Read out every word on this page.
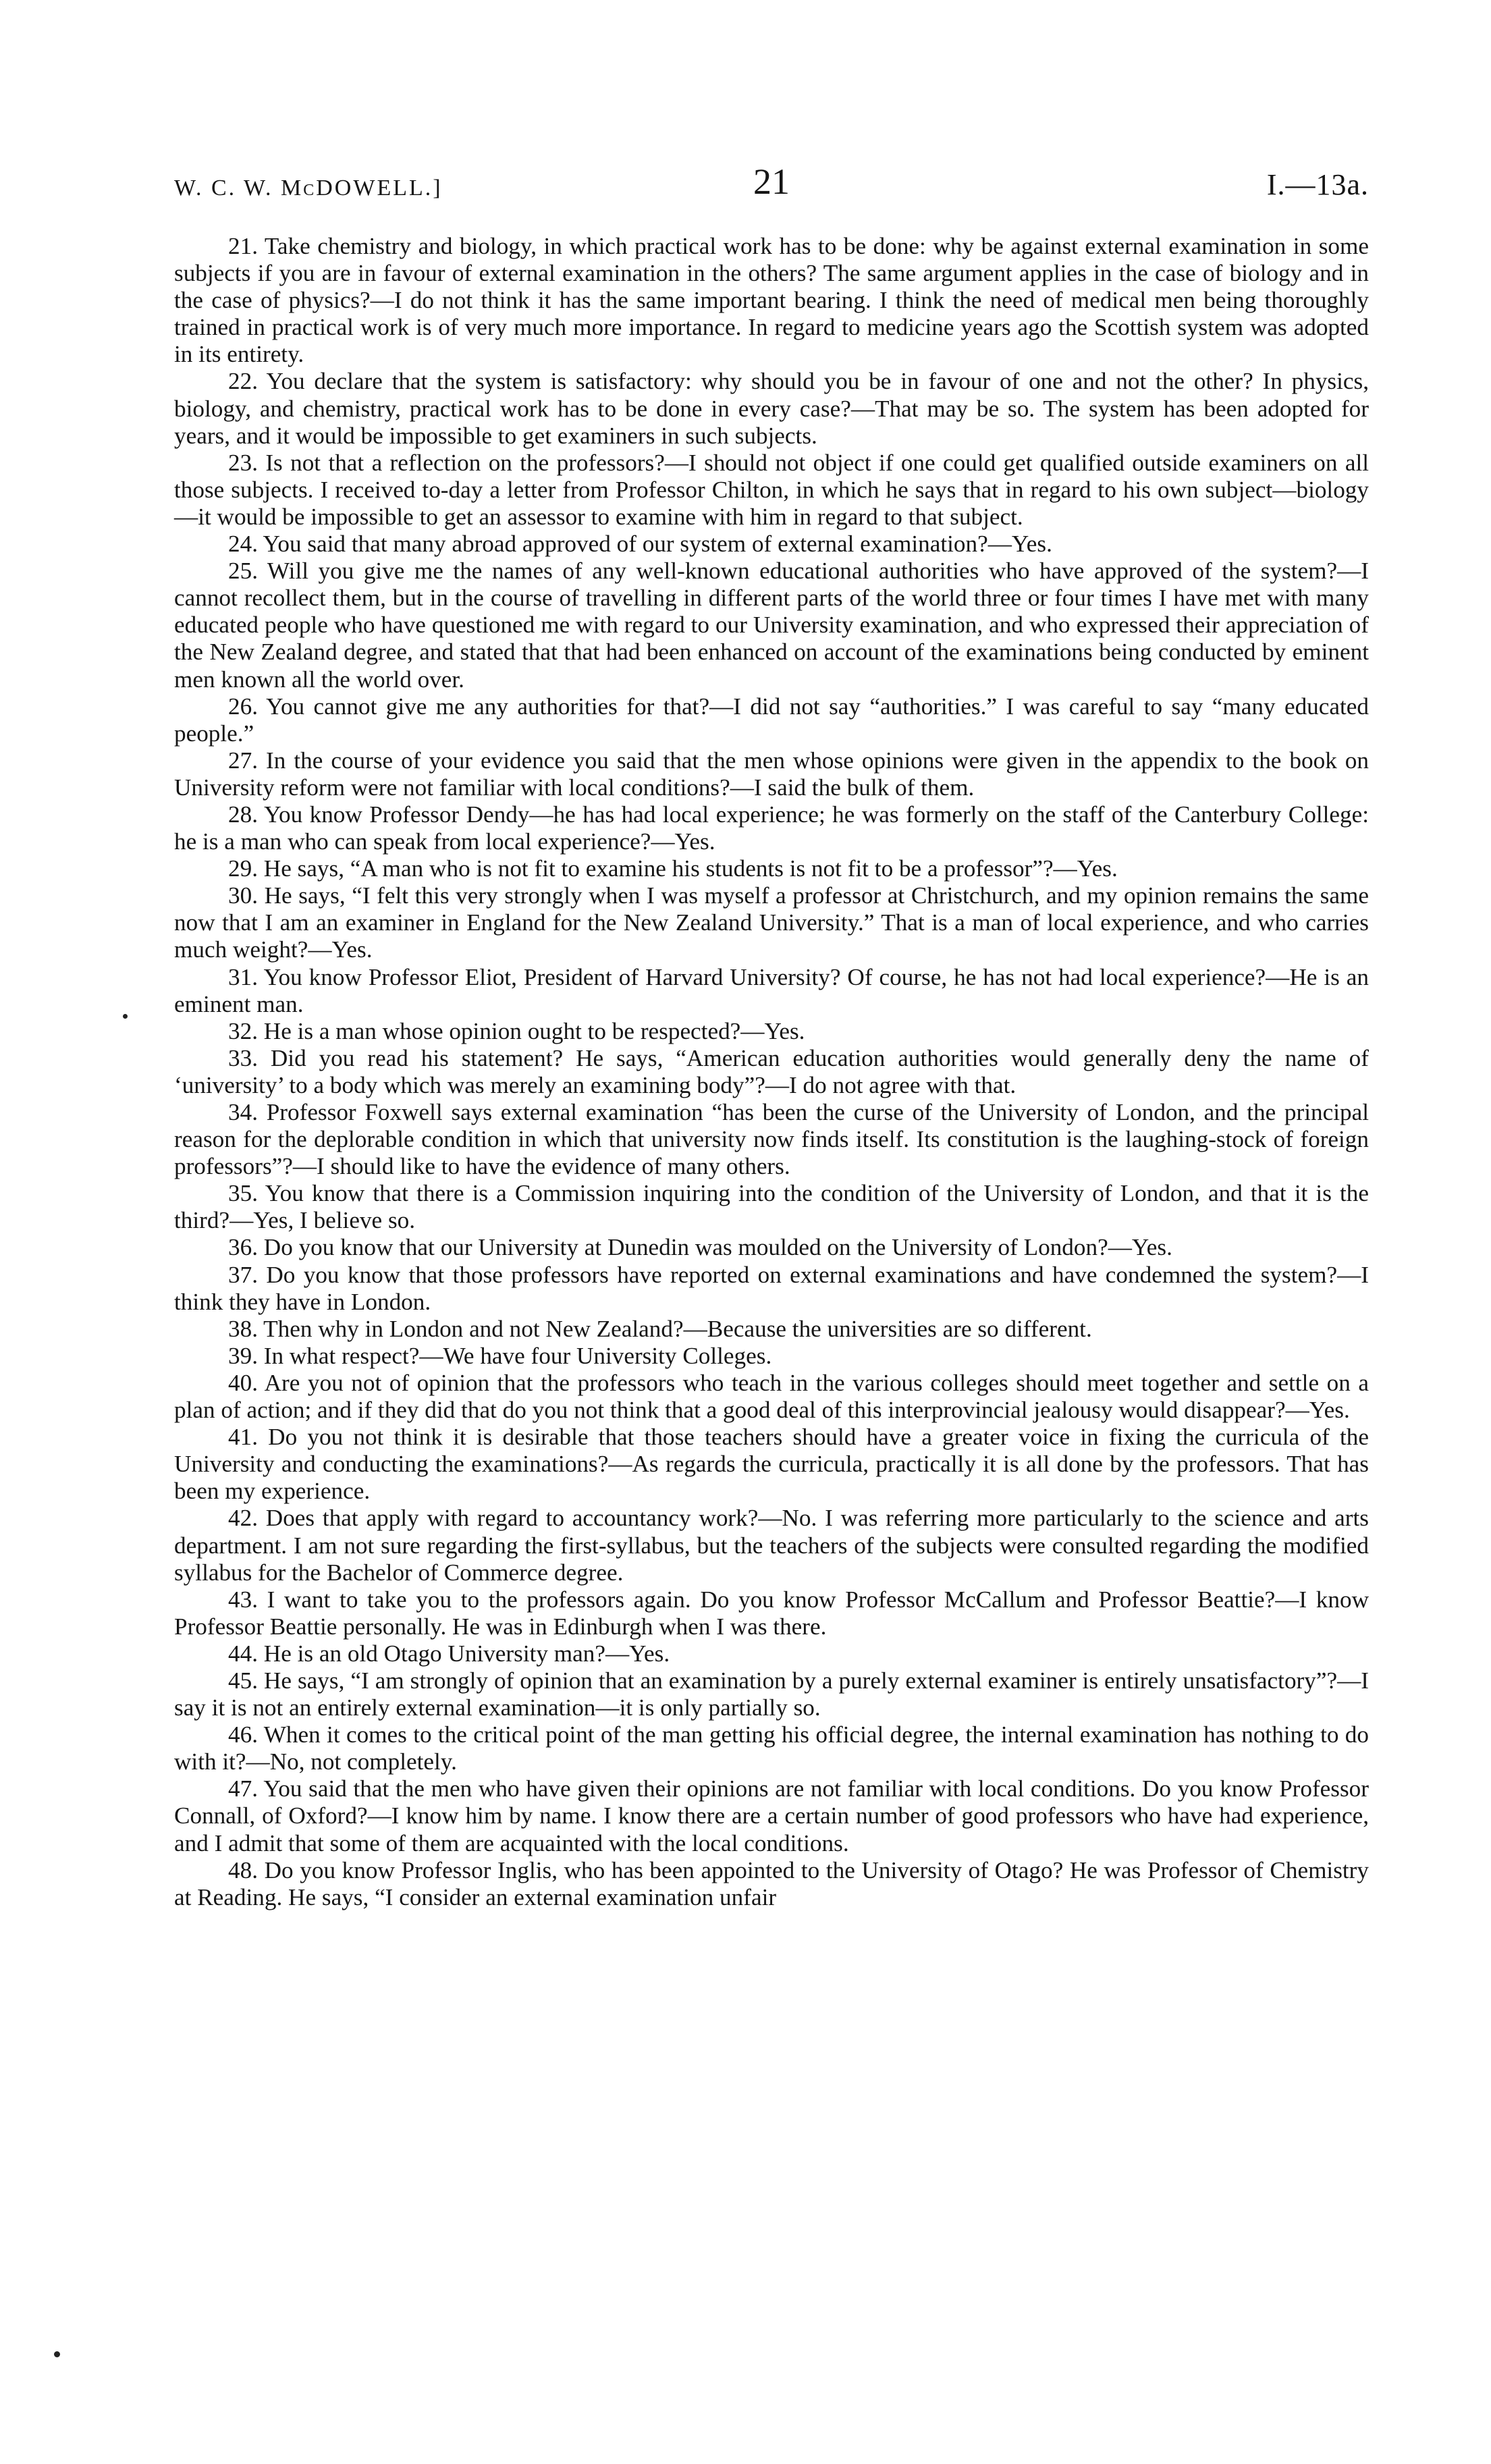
W. C. W. McDOWELL.]	21	I.—13a.

21. Take chemistry and biology, in which practical work has to be done: why be against external examination in some subjects if you are in favour of external examination in the others? The same argument applies in the case of biology and in the case of physics?—I do not think it has the same important bearing. I think the need of medical men being thoroughly trained in practical work is of very much more importance. In regard to medicine years ago the Scottish system was adopted in its entirety.

22. You declare that the system is satisfactory: why should you be in favour of one and not the other? In physics, biology, and chemistry, practical work has to be done in every case?—That may be so. The system has been adopted for years, and it would be impossible to get examiners in such subjects.

23. Is not that a reflection on the professors?—I should not object if one could get qualified outside examiners on all those subjects. I received to-day a letter from Professor Chilton, in which he says that in regard to his own subject—biology—it would be impossible to get an assessor to examine with him in regard to that subject.

24. You said that many abroad approved of our system of external examination?—Yes.

25. Will you give me the names of any well-known educational authorities who have approved of the system?—I cannot recollect them, but in the course of travelling in different parts of the world three or four times I have met with many educated people who have questioned me with regard to our University examination, and who expressed their appreciation of the New Zealand degree, and stated that that had been enhanced on account of the examinations being conducted by eminent men known all the world over.

26. You cannot give me any authorities for that?—I did not say “authorities.” I was careful to say “many educated people.”

27. In the course of your evidence you said that the men whose opinions were given in the appendix to the book on University reform were not familiar with local conditions?—I said the bulk of them.

28. You know Professor Dendy—he has had local experience; he was formerly on the staff of the Canterbury College: he is a man who can speak from local experience?—Yes.

29. He says, “A man who is not fit to examine his students is not fit to be a professor”?—Yes.

30. He says, “I felt this very strongly when I was myself a professor at Christchurch, and my opinion remains the same now that I am an examiner in England for the New Zealand University.” That is a man of local experience, and who carries much weight?—Yes.

31. You know Professor Eliot, President of Harvard University? Of course, he has not had local experience?—He is an eminent man.

32. He is a man whose opinion ought to be respected?—Yes.

33. Did you read his statement? He says, “American education authorities would generally deny the name of ‘university’ to a body which was merely an examining body”?—I do not agree with that.

34. Professor Foxwell says external examination “has been the curse of the University of London, and the principal reason for the deplorable condition in which that university now finds itself. Its constitution is the laughing-stock of foreign professors”?—I should like to have the evidence of many others.

35. You know that there is a Commission inquiring into the condition of the University of London, and that it is the third?—Yes, I believe so.

36. Do you know that our University at Dunedin was moulded on the University of London?—Yes.

37. Do you know that those professors have reported on external examinations and have condemned the system?—I think they have in London.

38. Then why in London and not New Zealand?—Because the universities are so different.

39. In what respect?—We have four University Colleges.

40. Are you not of opinion that the professors who teach in the various colleges should meet together and settle on a plan of action; and if they did that do you not think that a good deal of this interprovincial jealousy would disappear?—Yes.

41. Do you not think it is desirable that those teachers should have a greater voice in fixing the curricula of the University and conducting the examinations?—As regards the curricula, practically it is all done by the professors. That has been my experience.

42. Does that apply with regard to accountancy work?—No. I was referring more particularly to the science and arts department. I am not sure regarding the first-syllabus, but the teachers of the subjects were consulted regarding the modified syllabus for the Bachelor of Commerce degree.

43. I want to take you to the professors again. Do you know Professor McCallum and Professor Beattie?—I know Professor Beattie personally. He was in Edinburgh when I was there.

44. He is an old Otago University man?—Yes.

45. He says, “I am strongly of opinion that an examination by a purely external examiner is entirely unsatisfactory”?—I say it is not an entirely external examination—it is only partially so.

46. When it comes to the critical point of the man getting his official degree, the internal examination has nothing to do with it?—No, not completely.

47. You said that the men who have given their opinions are not familiar with local conditions. Do you know Professor Connall, of Oxford?—I know him by name. I know there are a certain number of good professors who have had experience, and I admit that some of them are acquainted with the local conditions.

48. Do you know Professor Inglis, who has been appointed to the University of Otago? He was Professor of Chemistry at Reading. He says, “I consider an external examination unfair
